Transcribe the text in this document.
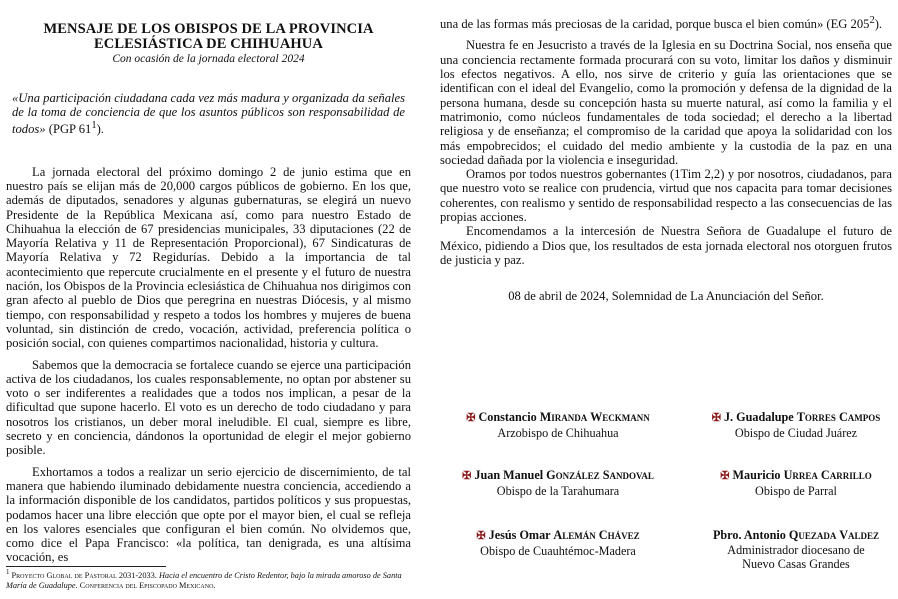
MENSAJE DE LOS OBISPOS DE LA PROVINCIA
ECLESIÁSTICA DE CHIHUAHUA
Con ocasión de la jornada electoral 2024
«Una participación ciudadana cada vez más madura y organizada da señales de la toma de conciencia de que los asuntos públicos son responsabilidad de todos» (PGP $61^1$).

La jornada electoral del próximo domingo 2 de junio estima que en nuestro país se elijan más de 20,000 cargos públicos de gobierno. En los que, además de diputados, senadores y algunas gubernaturas, se elegirá un nuevo Presidente de la República Mexicana así, como para nuestro Estado de Chihuahua la elección de 67 presidencias municipales, 33 diputaciones (22 de Mayoría Relativa y 11 de Representación Proporcional), 67 Sindicaturas de Mayoría Relativa y 72 Regidurías. Debido a la importancia de tal acontecimiento que repercute crucialmente en el presente y el futuro de nuestra nación, los Obispos de la Provincia eclesiástica de Chihuahua nos dirigimos con gran afecto al pueblo de Dios que peregrina en nuestras Diócesis, y al mismo tiempo, con responsabilidad y respeto a todos los hombres y mujeres de buena voluntad, sin distinción de credo, vocación, actividad, preferencia política o posición social, con quienes compartimos nacionalidad, historia y cultura.

Sabemos que la democracia se fortalece cuando se ejerce una participación activa de los ciudadanos, los cuales responsablemente, no optan por abstener su voto o ser indiferentes a realidades que a todos nos implican, a pesar de la dificultad que supone hacerlo. El voto es un derecho de todo ciudadano y para nosotros los cristianos, un deber moral ineludible. El cual, siempre es libre, secreto y en conciencia, dándonos la oportunidad de elegir el mejor gobierno posible.

Exhortamos a todos a realizar un serio ejercicio de discernimiento, de tal manera que habiendo iluminado debidamente nuestra conciencia, accediendo a la información disponible de los candidatos, partidos políticos y sus propuestas, podamos hacer una libre elección que opte por el mayor bien, el cual se refleja en los valores esenciales que configuran el bien común. No olvidemos que, como dice el Papa Francisco: «la política, tan denigrada, es una altísima vocación, es

$^1$ Proyecto Global de Pastoral 2031-2033. Hacia el encuentro de Cristo Redentor, bajo la mirada amoroso de Santa María de Guadalupe. Conferencia del Episcopado Mexicano.

una de las formas más preciosas de la caridad, porque busca el bien común» (EG $205^2$).

Nuestra fe en Jesucristo a través de la Iglesia en su Doctrina Social, nos enseña que una conciencia rectamente formada procurará con su voto, limitar los daños y disminuir los efectos negativos. A ello, nos sirve de criterio y guía las orientaciones que se identifican con el ideal del Evangelio, como la promoción y defensa de la dignidad de la persona humana, desde su concepción hasta su muerte natural, así como la familia y el matrimonio, como núcleos fundamentales de toda sociedad; el derecho a la libertad religiosa y de enseñanza; el compromiso de la caridad que apoya la solidaridad con los más empobrecidos; el cuidado del medio ambiente y la custodia de la paz en una sociedad dañada por la violencia e inseguridad.

Oramos por todos nuestros gobernantes (1Tim 2,2) y por nosotros, ciudadanos, para que nuestro voto se realice con prudencia, virtud que nos capacita para tomar decisiones coherentes, con realismo y sentido de responsabilidad respecto a las consecuencias de las propias acciones.

Encomendamos a la intercesión de Nuestra Señora de Guadalupe el futuro de México, pidiendo a Dios que, los resultados de esta jornada electoral nos otorguen frutos de justicia y paz.

08 de abril de 2024, Solemnidad de La Anunciación del Señor.
✠ Constancio Miranda Weckmann
Arzobispo de Chihuahua
✠ J. Guadalupe Torres Campos
Obispo de Ciudad Juárez
✠ Juan Manuel González Sandoval
Obispo de la Tarahumara
✠ Mauricio Urrea Carrillo
Obispo de Parral
✠ Jesús Omar Alemán Chávez
Obispo de Cuauhtémoc-Madera
Pbro. Antonio Quezada Valdez
Administrador diocesano de
Nuevo Casas Grandes
